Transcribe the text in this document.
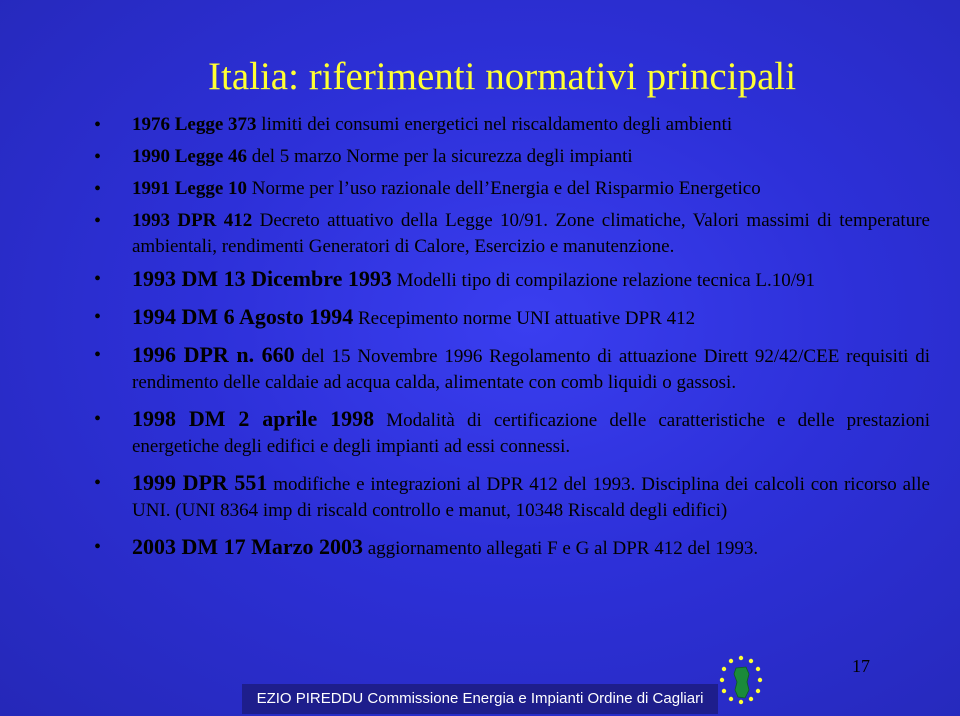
Italia: riferimenti normativi principali
• 1976 Legge 373 limiti dei consumi energetici nel riscaldamento degli ambienti
• 1990 Legge 46 del 5 marzo Norme per la sicurezza degli impianti
• 1991 Legge 10 Norme per l’uso razionale dell’Energia e del Risparmio Energetico
• 1993 DPR 412 Decreto attuativo della Legge 10/91. Zone climatiche, Valori massimi di temperature ambientali, rendimenti Generatori di Calore, Esercizio e manutenzione.
• 1993 DM 13 Dicembre 1993 Modelli tipo di compilazione relazione tecnica L.10/91
• 1994 DM 6 Agosto 1994 Recepimento norme UNI attuative DPR 412
• 1996 DPR n. 660 del 15 Novembre 1996 Regolamento di attuazione Dirett 92/42/CEE requisiti di rendimento delle caldaie ad acqua calda, alimentate con comb liquidi o gassosi.
• 1998 DM 2 aprile 1998 Modalità di certificazione delle caratteristiche e delle prestazioni energetiche degli edifici e degli impianti ad essi connessi.
• 1999 DPR 551 modifiche e integrazioni al DPR 412 del 1993. Disciplina dei calcoli con ricorso alle UNI. (UNI 8364 imp di riscald controllo e manut, 10348 Riscald degli edifici)
• 2003 DM 17 Marzo 2003 aggiornamento allegati F e G al DPR 412 del 1993.
17
EZIO PIREDDU Commissione Energia e Impianti Ordine di Cagliari
